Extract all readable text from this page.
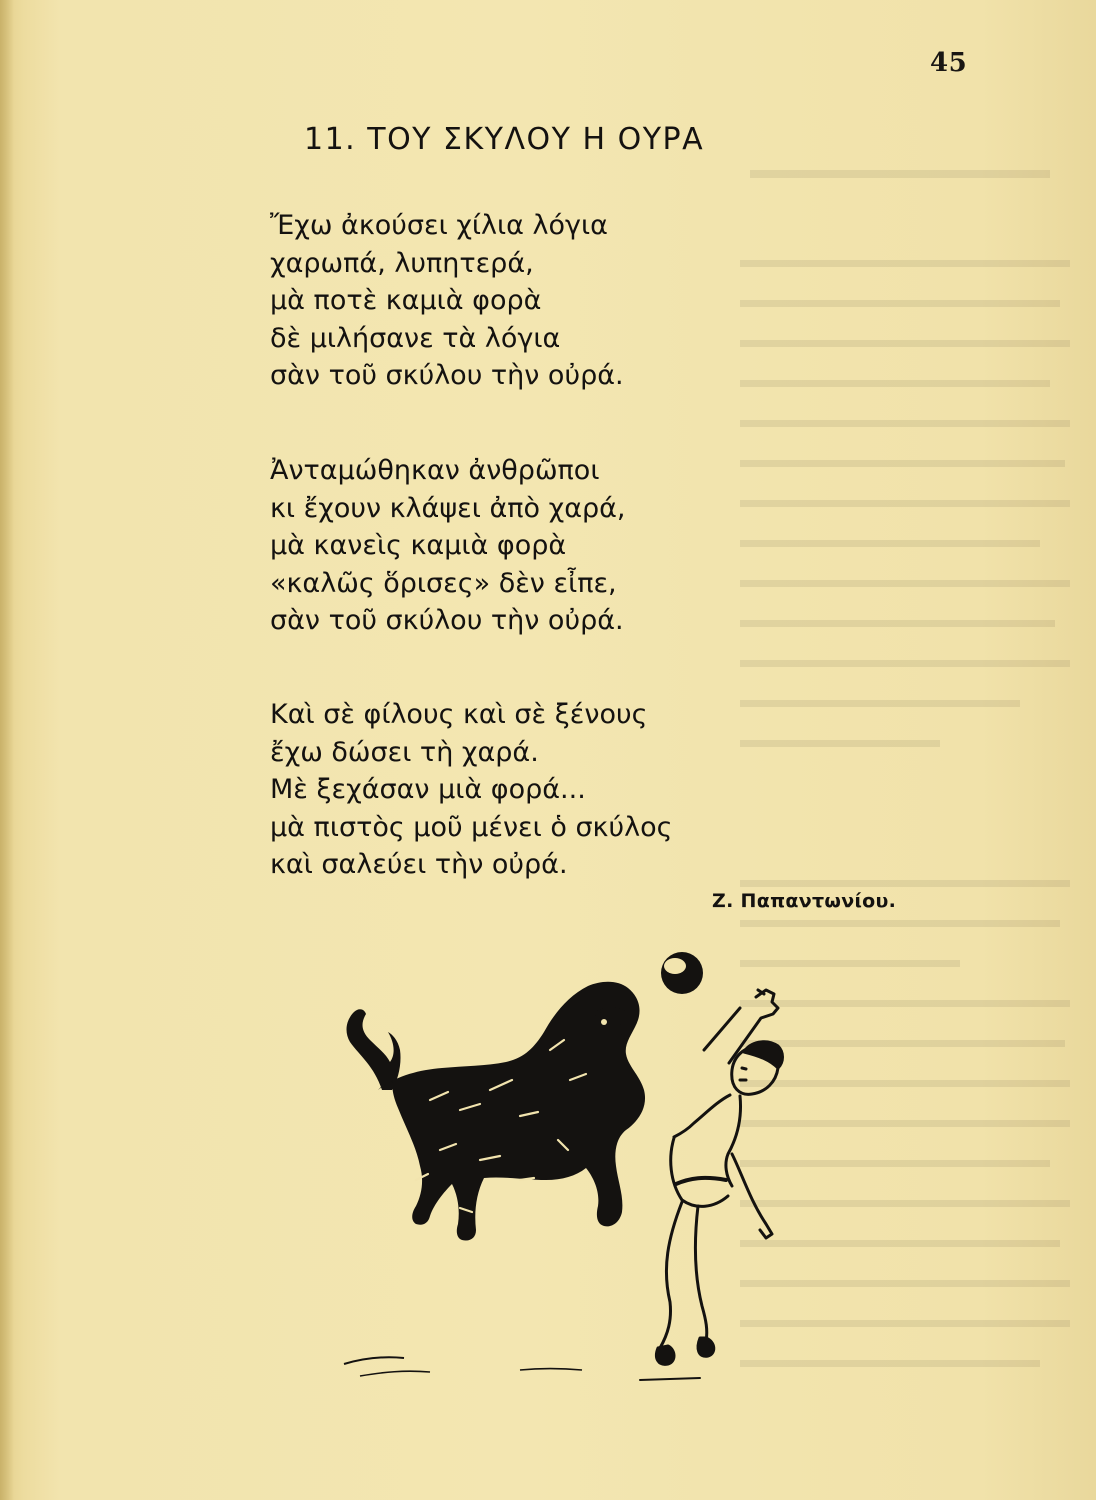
45
11. ΤΟΥ ΣΚΥΛΟΥ Η ΟΥΡΑ
Ἔχω ἀκούσει χίλια λόγια
χαρωπά, λυπητερά,
μὰ ποτὲ καμιὰ φορὰ
δὲ μιλήσανε τὰ λόγια
σὰν τοῦ σκύλου τὴν οὐρά.
Ἀνταμώθηκαν ἀνθρῶποι
κι ἔχουν κλάψει ἀπὸ χαρά,
μὰ κανεὶς καμιὰ φορὰ
«καλῶς ὅρισες» δὲν εἶπε,
σὰν τοῦ σκύλου τὴν οὐρά.
Καὶ σὲ φίλους καὶ σὲ ξένους
ἔχω δώσει τὴ χαρά.
Μὲ ξεχάσαν μιὰ φορά...
μὰ πιστὸς μοῦ μένει ὁ σκύλος
καὶ σαλεύει τὴν οὐρά.
Ζ. Παπαντωνίου.
